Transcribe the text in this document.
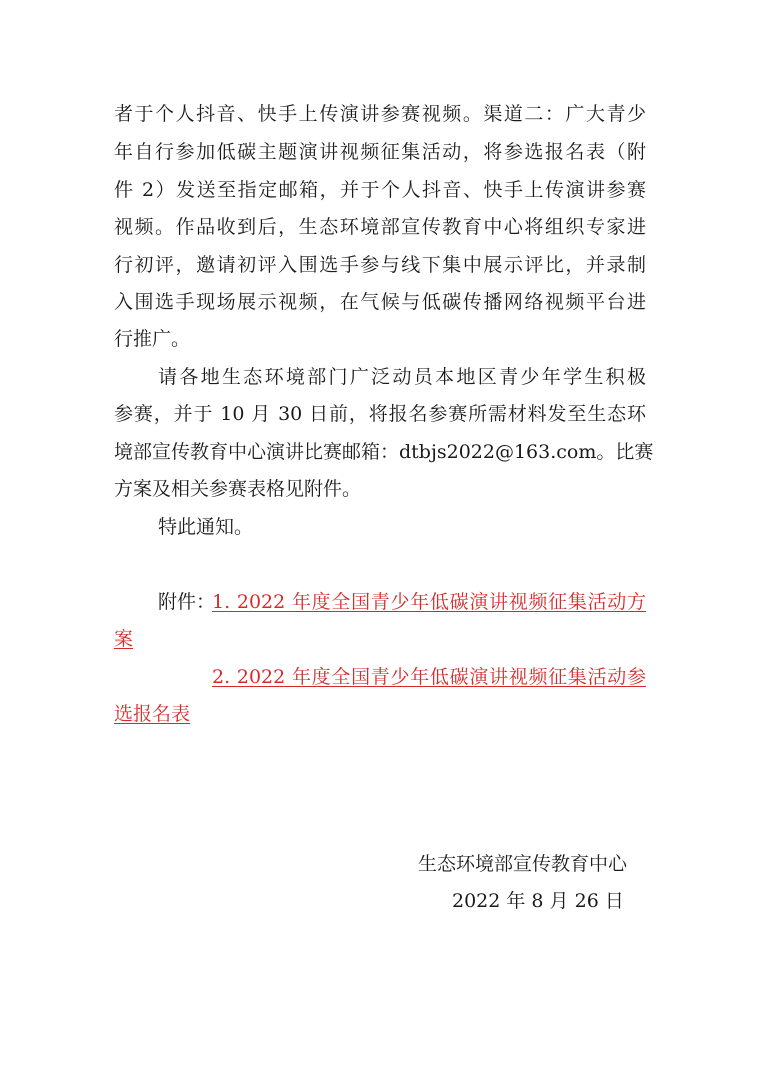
者于个人抖音、快手上传演讲参赛视频。渠道二：广大青少
年自行参加低碳主题演讲视频征集活动，将参选报名表（附
件 2）发送至指定邮箱，并于个人抖音、快手上传演讲参赛
视频。作品收到后，生态环境部宣传教育中心将组织专家进
行初评，邀请初评入围选手参与线下集中展示评比，并录制
入围选手现场展示视频，在气候与低碳传播网络视频平台进
行推广。
请各地生态环境部门广泛动员本地区青少年学生积极
参赛，并于 10 月 30 日前，将报名参赛所需材料发至生态环
境部宣传教育中心演讲比赛邮箱：dtbjs2022@163.com。比赛
方案及相关参赛表格见附件。
特此通知。
附件：
1. 2022 年度全国青少年低碳演讲视频征集活动方
案
2. 2022 年度全国青少年低碳演讲视频征集活动参
选报名表
生态环境部宣传教育中心
2022 年 8 月 26 日
